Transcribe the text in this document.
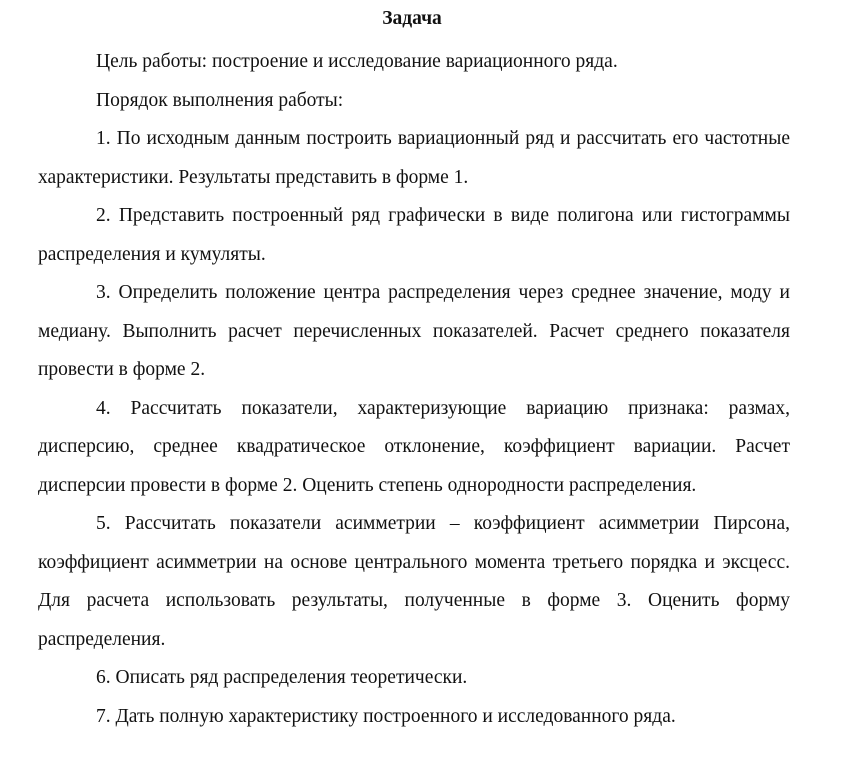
Задача

Цель работы: построение и исследование вариационного ряда.

Порядок выполнения работы:

1. По исходным данным построить вариационный ряд и рассчитать его частотные характеристики. Результаты представить в форме 1.

2. Представить построенный ряд графически в виде полигона или гистограммы распределения и кумуляты.

3. Определить положение центра распределения через среднее значение, моду и медиану. Выполнить расчет перечисленных показателей. Расчет среднего показателя провести в форме 2.

4. Рассчитать показатели, характеризующие вариацию признака: размах, дисперсию, среднее квадратическое отклонение, коэффициент вариации. Расчет дисперсии провести в форме 2. Оценить степень однородности распределения.

5. Рассчитать показатели асимметрии – коэффициент асимметрии Пирсона, коэффициент асимметрии на основе центрального момента третьего порядка и эксцесс. Для расчета использовать результаты, полученные в форме 3. Оценить форму распределения.

6. Описать ряд распределения теоретически.

7. Дать полную характеристику построенного и исследованного ряда.
